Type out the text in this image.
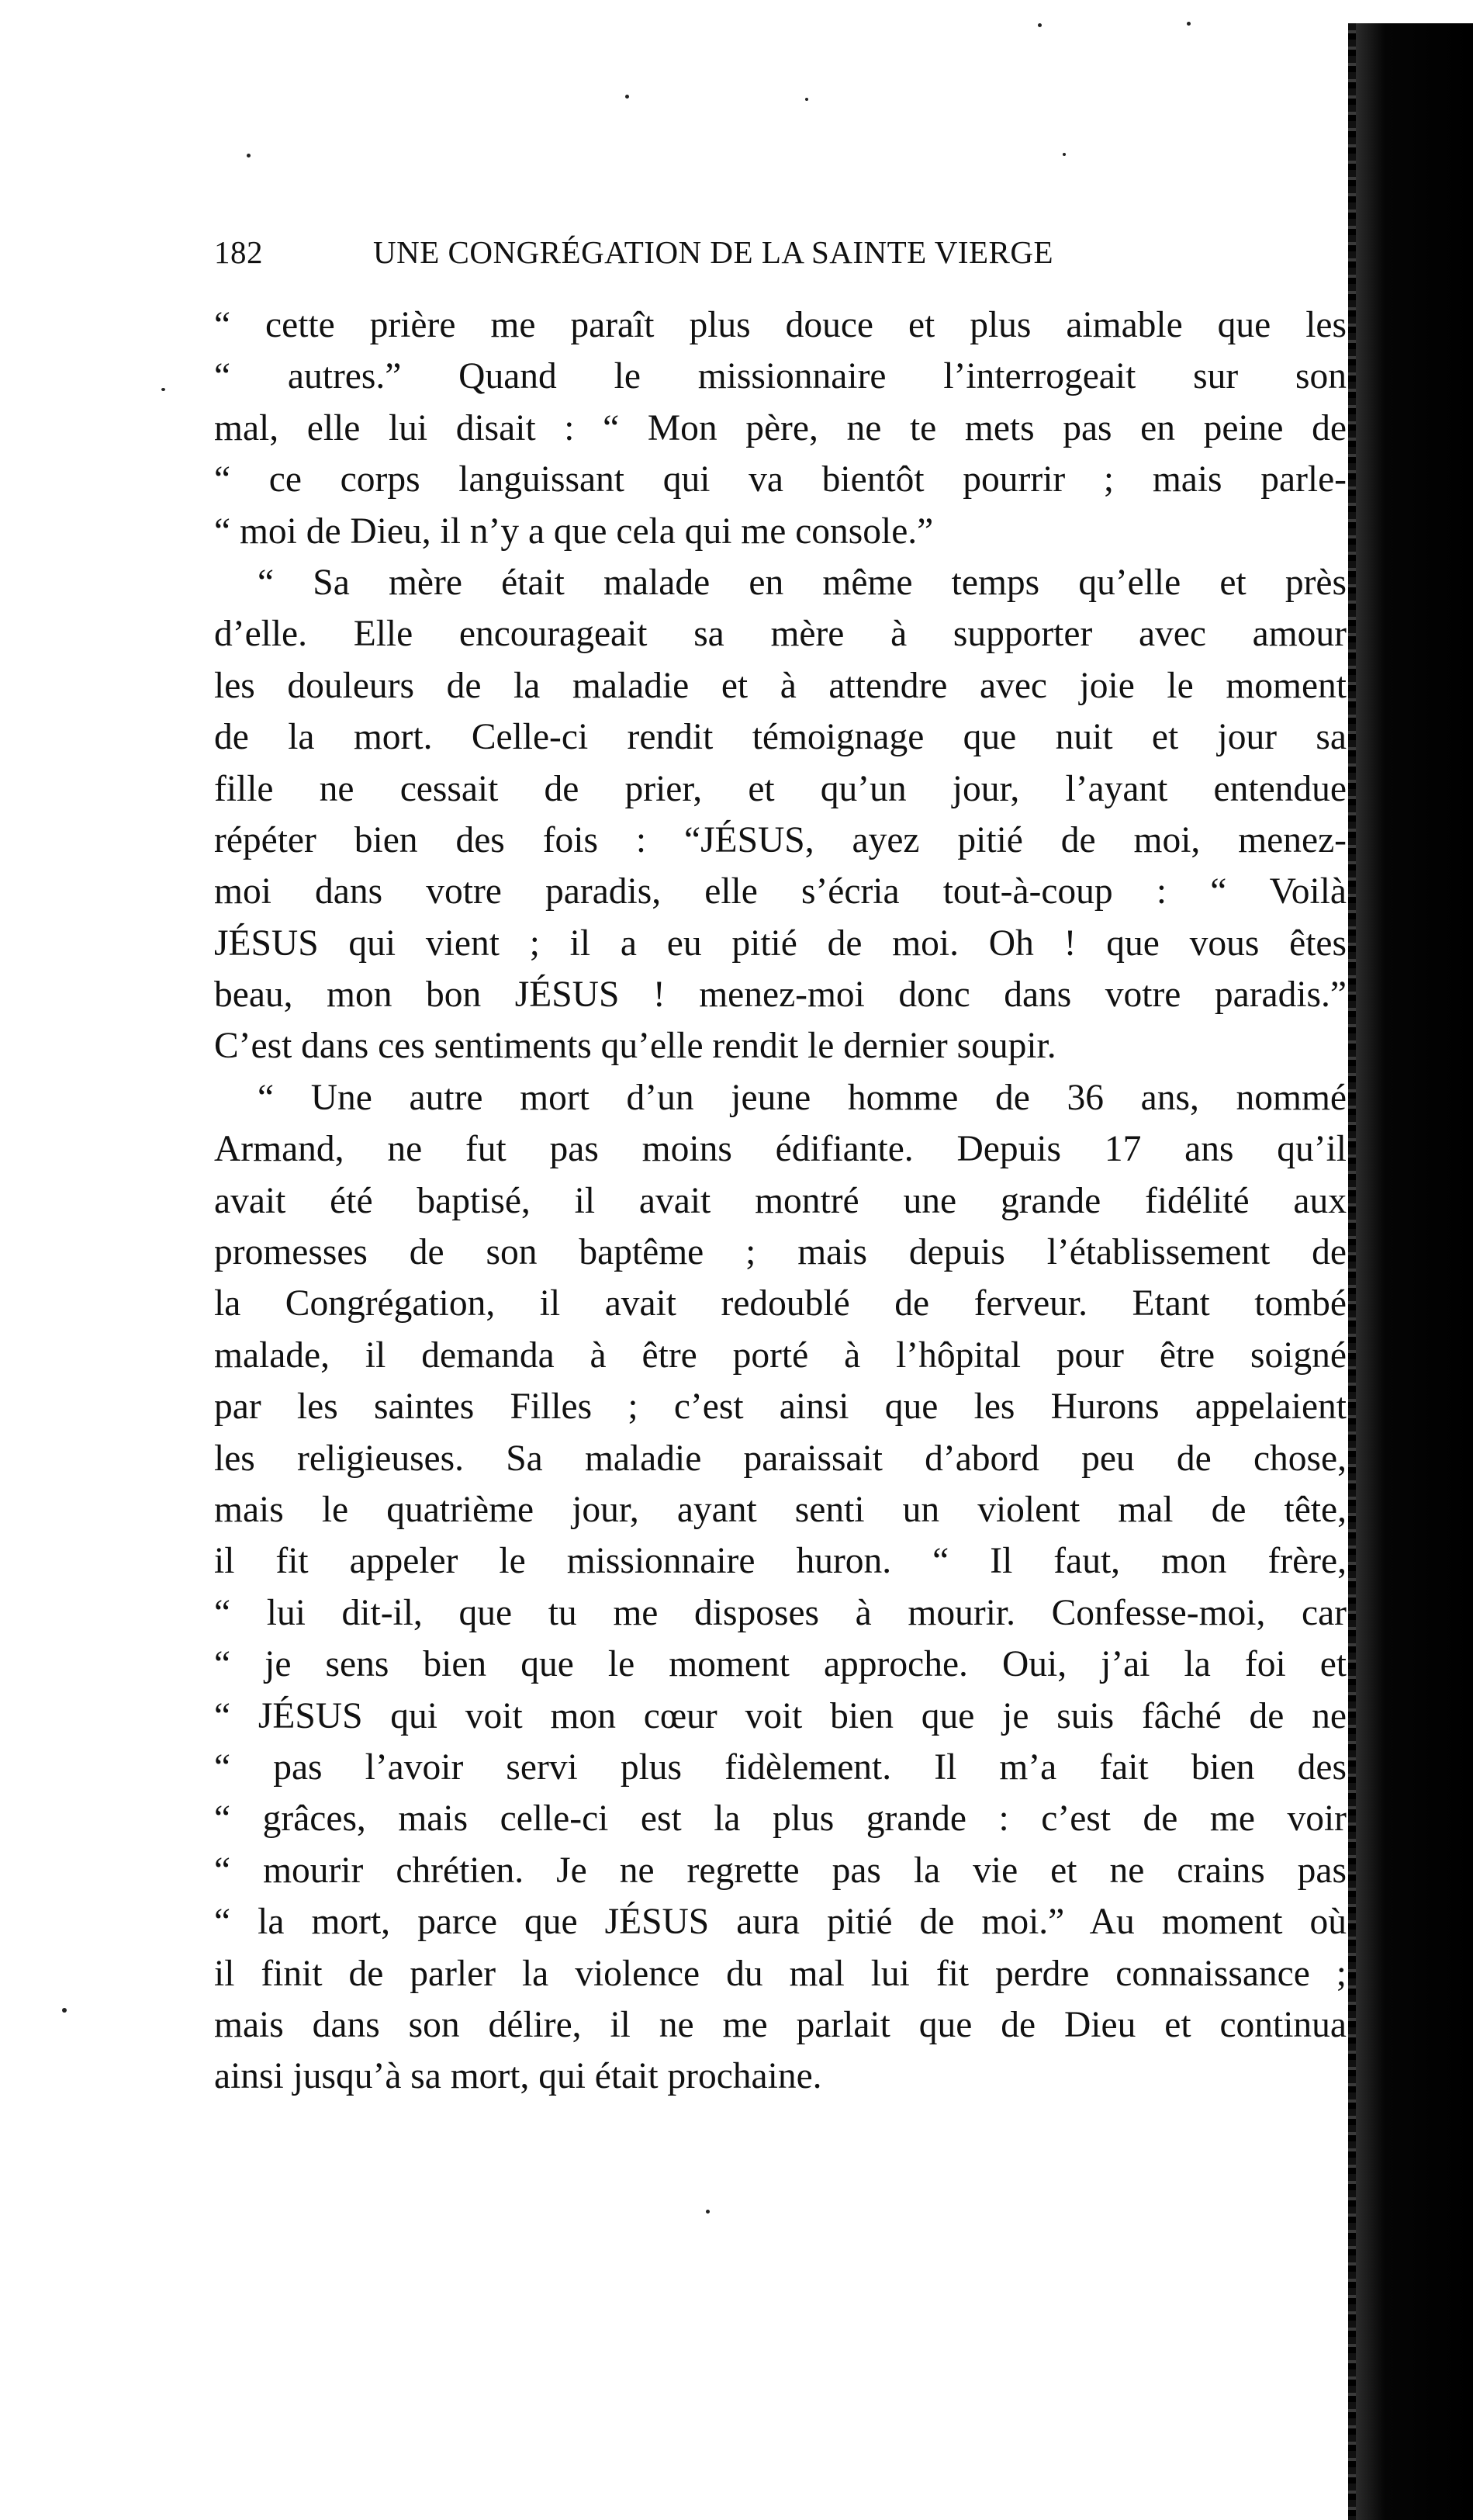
182	UNE CONGRÉGATION DE LA SAINTE VIERGE
“ cette prière me paraît plus douce et plus aimable que les
“ autres.” Quand le missionnaire l’interrogeait sur son
mal, elle lui disait : “ Mon père, ne te mets pas en peine de
“ ce corps languissant qui va bientôt pourrir ; mais parle-
“ moi de Dieu, il n’y a que cela qui me console.”
“ Sa mère était malade en même temps qu’elle et près
d’elle. Elle encourageait sa mère à supporter avec amour
les douleurs de la maladie et à attendre avec joie le moment
de la mort. Celle-ci rendit témoignage que nuit et jour sa
fille ne cessait de prier, et qu’un jour, l’ayant entendue
répéter bien des fois : “JÉSUS, ayez pitié de moi, menez-
moi dans votre paradis, elle s’écria tout-à-coup : “ Voilà
JÉSUS qui vient ; il a eu pitié de moi. Oh ! que vous êtes
beau, mon bon JÉSUS ! menez-moi donc dans votre paradis.”
C’est dans ces sentiments qu’elle rendit le dernier soupir.
“ Une autre mort d’un jeune homme de 36 ans, nommé
Armand, ne fut pas moins édifiante. Depuis 17 ans qu’il
avait été baptisé, il avait montré une grande fidélité aux
promesses de son baptême ; mais depuis l’établissement de
la Congrégation, il avait redoublé de ferveur. Etant tombé
malade, il demanda à être porté à l’hôpital pour être soigné
par les saintes Filles ; c’est ainsi que les Hurons appelaient
les religieuses. Sa maladie paraissait d’abord peu de chose,
mais le quatrième jour, ayant senti un violent mal de tête,
il fit appeler le missionnaire huron. “ Il faut, mon frère,
“ lui dit-il, que tu me disposes à mourir. Confesse-moi, car
“ je sens bien que le moment approche. Oui, j’ai la foi et
“ JÉSUS qui voit mon cœur voit bien que je suis fâché de ne
“ pas l’avoir servi plus fidèlement. Il m’a fait bien des
“ grâces, mais celle-ci est la plus grande : c’est de me voir
“ mourir chrétien. Je ne regrette pas la vie et ne crains pas
“ la mort, parce que JÉSUS aura pitié de moi.” Au moment où
il finit de parler la violence du mal lui fit perdre connaissance ;
mais dans son délire, il ne me parlait que de Dieu et continua
ainsi jusqu’à sa mort, qui était prochaine.
